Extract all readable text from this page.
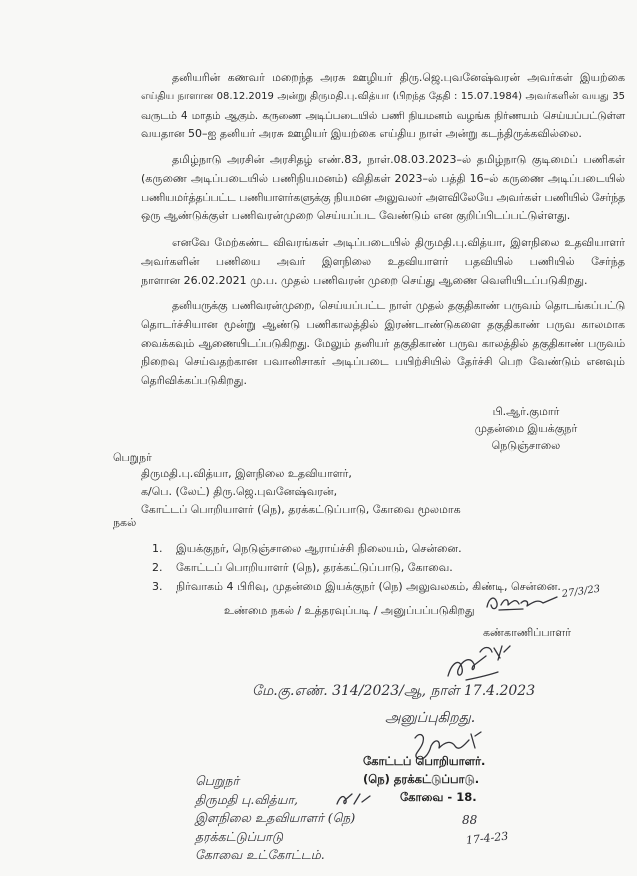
தனியரின் கணவர் மறைந்த அரசு ஊழியர் திரு.ஜெ.புவனேஷ்வரன் அவர்கள் இயற்கை
எய்திய நாளான 08.12.2019 அன்று திருமதி.பு.வித்யா (பிறந்த தேதி : 15.07.1984) அவர்களின் வயது 35
வருடம் 4 மாதம் ஆகும். கருணை அடிப்படையில் பணி நியமனம் வழங்க நிர்ணயம் செய்யப்பட்டுள்ள
வயதான 50–ஐ தனியர் அரசு ஊழியர் இயற்கை எய்திய நாள் அன்று கடந்திருக்கவில்லை.
தமிழ்நாடு அரசின் அரசிதழ் எண்.83, நாள்.08.03.2023–ல் தமிழ்நாடு குடிமைப் பணிகள்
(கருணை அடிப்படையில் பணிநியமனம்) விதிகள் 2023–ல் பத்தி 16–ல் கருணை அடிப்படையில்
பணியமர்த்தப்பட்ட பணியாளர்களுக்கு நியமன அலுவலர் அளவிலேயே அவர்கள் பணியில் சேர்ந்த
ஒரு ஆண்டுக்குள் பணிவரன்முறை செய்யப்பட வேண்டும் என குறிப்பிடப்பட்டுள்ளது.
எனவே மேற்கண்ட விவரங்கள் அடிப்படையில் திருமதி.பு.வித்யா, இளநிலை உதவியாளர்
அவர்களின் பணியை அவர் இளநிலை உதவியாளர் பதவியில் பணியில் சேர்ந்த
நாளான 26.02.2021 மு.ப. முதல் பணிவரன் முறை செய்து ஆணை வெளியிடப்படுகிறது.
தனியருக்கு பணிவரன்முறை, செய்யப்பட்ட நாள் முதல் தகுதிகாண் பருவம் தொடங்கப்பட்டு
தொடர்ச்சியான மூன்று ஆண்டு பணிகாலத்தில் இரண்டாண்டுகளை தகுதிகாண் பருவ காலமாக
வைக்கவும் ஆணையிடப்படுகிறது. மேலும் தனியர் தகுதிகாண் பருவ காலத்தில் தகுதிகாண் பருவம்
நிறைவு செய்வதற்கான பவானிசாகர் அடிப்படை பயிற்சியில் தேர்ச்சி பெற வேண்டும் எனவும்
தெரிவிக்கப்படுகிறது.
பி.ஆர்.குமார்
முதன்மை இயக்குநர்
நெடுஞ்சாலை
பெறுநர்
திருமதி.பு.வித்யா, இளநிலை உதவியாளர்,
க/பெ. (லேட்) திரு.ஜெ.புவனேஷ்வரன்,
கோட்டப் பொறியாளர் (நெ), தரக்கட்டுப்பாடு, கோவை மூலமாக
நகல்
1.	இயக்குநர், நெடுஞ்சாலை ஆராய்ச்சி நிலையம், சென்னை.
2.	கோட்டப் பொறியாளர் (நெ), தரக்கட்டுப்பாடு, கோவை.
3.	நிர்வாகம் 4 பிரிவு, முதன்மை இயக்குநர் (நெ) அலுவலகம், கிண்டி, சென்னை.
உண்மை நகல் / உத்தரவுப்படி / அனுப்பப்படுகிறது
27/3/23
கண்காணிப்பாளர்
மே.கு.எண். 314/2023/ஆ, நாள் 17.4.2023
அனுப்புகிறது.
கோட்டப் பொறியாளர்.
(நெ) தரக்கட்டுப்பாடு.
கோவை - 18.
பெறுநர்
திருமதி பு.வித்யா,
இளநிலை உதவியாளர் (நெ)
தரக்கட்டுப்பாடு
கோவை உட்கோட்டம்.
88
17-4-23
